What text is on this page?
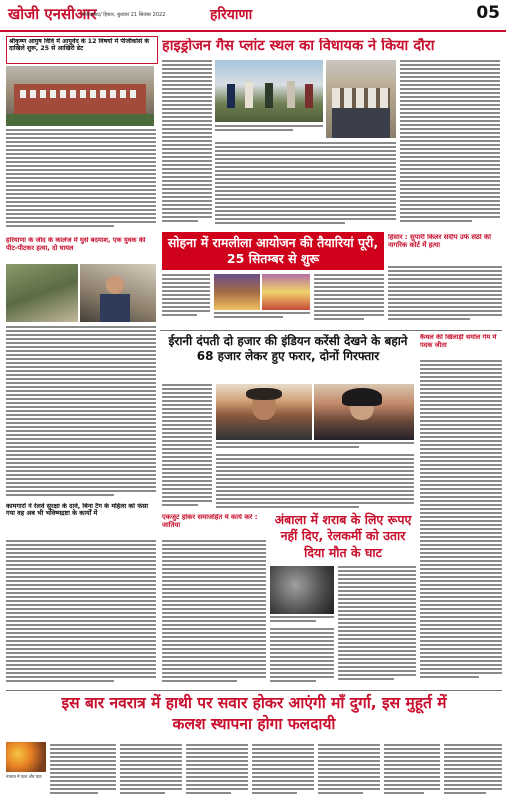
खोजी एनसीआर
फरीदाबाद/ हिसार, बुधवार 21 सितंबर 2022	हरियाणा	05
श्रीकृष्ण आयुष विवि में आयुर्वेद के 12 विषयों में पीजीकोर्स के दाखिले शुरू, 25 से आखिरी डेट
हरियाणा के जींद के कालेज में घुसे बदमाश, एक युवक की पीट-पीटकर हत्या, दो घायल
कामगारों ने रेलवे सुरक्षा के दावे, बिना टैग के महिला को फंसा गया वह अब भी भविष्यद्रष्टा के कार्यों में
हाइड्रोजन गैस प्लांट स्थल का विधायक ने किया दौरा
सोहना में रामलीला आयोजन की तैयारियां पूरी, 25 सितम्बर से शुरू
हिसार : सुपारी किलर संदीप उर्फ सेठी की नागरिक कोर्ट में हत्या
ईरानी दंपती दो हजार की इंडियन करेंसी देखने के बहाने 68 हजार लेकर हुए फरार, दोनों गिरफ्तार
कैथल की खिलाड़ी थर्मोल गेम में पदक जीता
एकजुट होकर समाजहित में कार्य करें : जातिया	अंबाला में शराब के लिए रूपए नहीं दिए, रेलकर्मी को उतार दिया मौत के घाट
इस बार नवरात्र में हाथी पर सवार होकर आएंगी माँ दुर्गा, इस मुहूर्त में कलश स्थापना होगा फलदायी
नवरात्र में फल और पाठ
